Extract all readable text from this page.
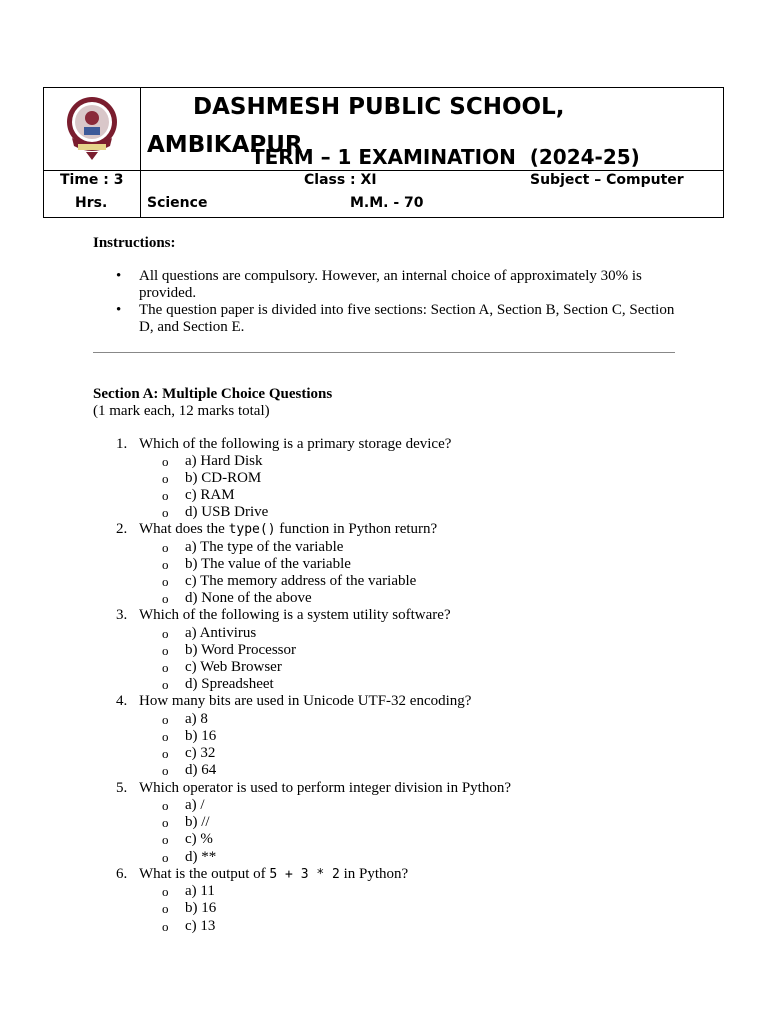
DASHMESH PUBLIC SCHOOL, AMBIKAPUR
TERM – 1 EXAMINATION  (2024-25)
Time : 3
Hrs.
Class : XI	Subject – Computer
Science	M.M. - 70
Instructions:
• All questions are compulsory. However, an internal choice of approximately 30% is provided.
• The question paper is divided into five sections: Section A, Section B, Section C, Section D, and Section E.
Section A: Multiple Choice Questions
(1 mark each, 12 marks total)
1. Which of the following is a primary storage device?
o a) Hard Disk
o b) CD-ROM
o c) RAM
o d) USB Drive
2. What does the type() function in Python return?
o a) The type of the variable
o b) The value of the variable
o c) The memory address of the variable
o d) None of the above
3. Which of the following is a system utility software?
o a) Antivirus
o b) Word Processor
o c) Web Browser
o d) Spreadsheet
4. How many bits are used in Unicode UTF-32 encoding?
o a) 8
o b) 16
o c) 32
o d) 64
5. Which operator is used to perform integer division in Python?
o a) /
o b) //
o c) %
o d) **
6. What is the output of 5 + 3 * 2 in Python?
o a) 11
o b) 16
o c) 13
